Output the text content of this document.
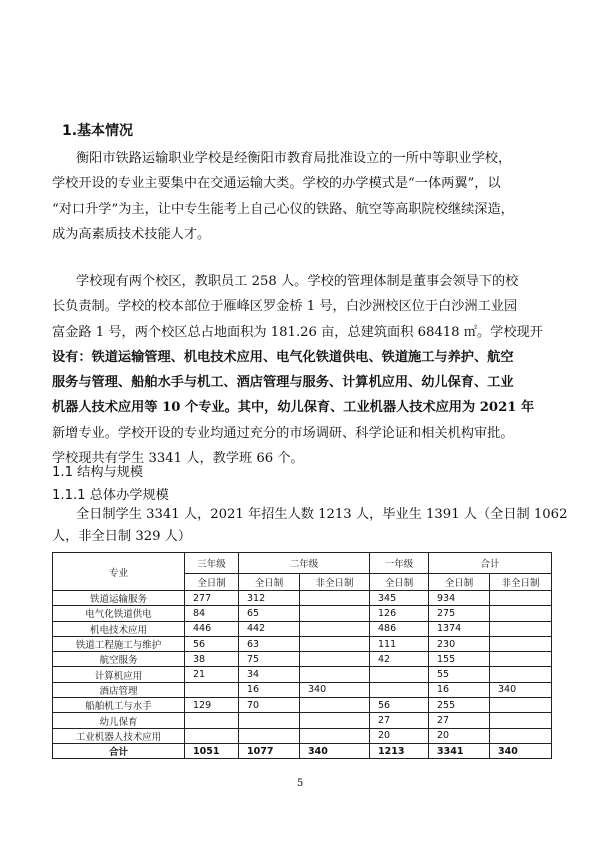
1.基本情况
衡阳市铁路运输职业学校是经衡阳市教育局批准设立的一所中等职业学校，
学校开设的专业主要集中在交通运输大类。学校的办学模式是“一体两翼”，以
“对口升学”为主，让中专生能考上自己心仪的铁路、航空等高职院校继续深造，
成为高素质技术技能人才。
学校现有两个校区，教职员工 258 人。学校的管理体制是董事会领导下的校
长负责制。学校的校本部位于雁峰区罗金桥 1 号，白沙洲校区位于白沙洲工业园
富金路 1 号，两个校区总占地面积为 181.26 亩，总建筑面积 68418 ㎡。学校现开
设有：铁道运输管理、机电技术应用、电气化铁道供电、铁道施工与养护、航空
服务与管理、船舶水手与机工、酒店管理与服务、计算机应用、幼儿保育、工业
机器人技术应用等 10 个专业。其中，幼儿保育、工业机器人技术应用为 2021 年
新增专业。学校开设的专业均通过充分的市场调研、科学论证和相关机构审批。
学校现共有学生 3341 人，教学班 66 个。
1.1 结构与规模
1.1.1 总体办学规模
全日制学生 3341 人，2021 年招生人数 1213 人，毕业生 1391 人（全日制 1062
人，非全日制 329 人）
专业	三年级	二年级		一年级	合计	
	全日制	全日制	非全日制	全日制	全日制	非全日制
铁道运输服务	277	312		345	934	
电气化铁道供电	84	65		126	275	
机电技术应用	446	442		486	1374	
铁道工程施工与维护	56	63		111	230	
航空服务	38	75		42	155	
计算机应用	21	34			55	
酒店管理		16	340		16	340
船舶机工与水手	129	70		56	255	
幼儿保育				27	27	
工业机器人技术应用				20	20	
合计	1051	1077	340	1213	3341	340
5
